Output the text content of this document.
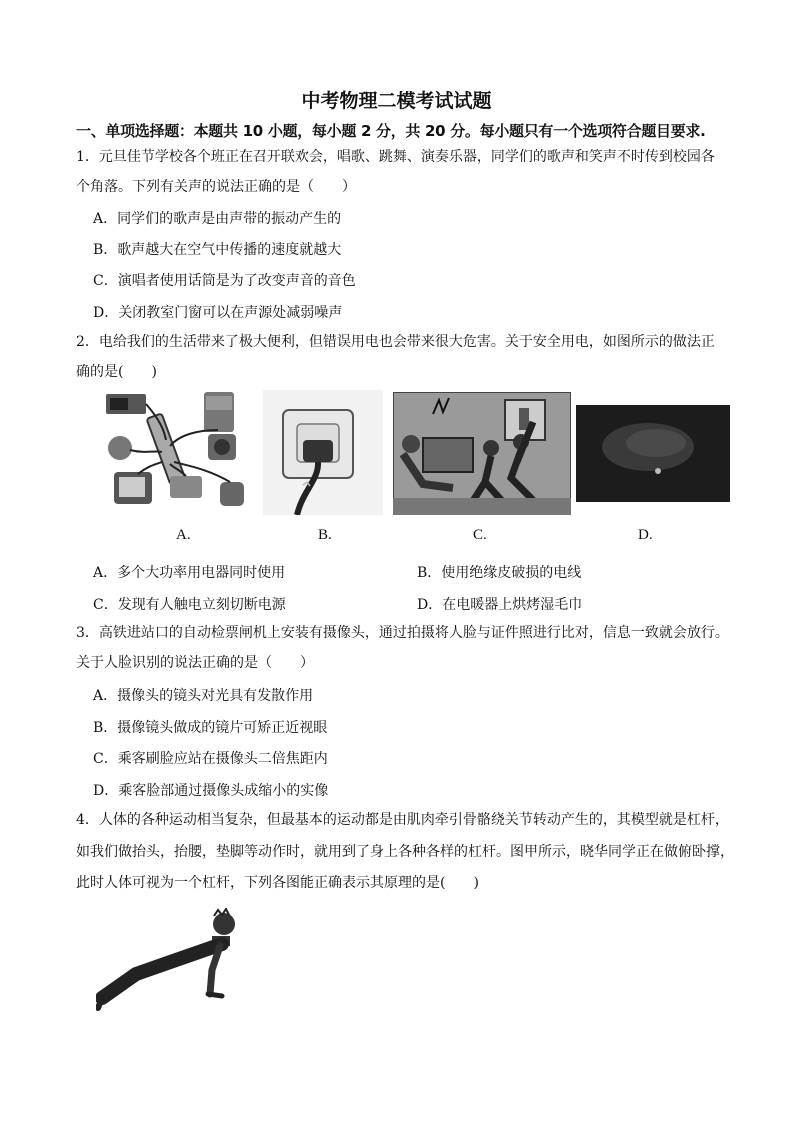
中考物理二模考试试题
一、单项选择题：本题共 10 小题，每小题 2 分，共 20 分。每小题只有一个选项符合题目要求.
1．元旦佳节学校各个班正在召开联欢会，唱歌、跳舞、演奏乐器，同学们的歌声和笑声不时传到校园各
个角落。下列有关声的说法正确的是（　　）
A．同学们的歌声是由声带的振动产生的
B．歌声越大在空气中传播的速度就越大
C．演唱者使用话筒是为了改变声音的音色
D．关闭教室门窗可以在声源处减弱噪声
2．电给我们的生活带来了极大便利，但错误用电也会带来很大危害。关于安全用电，如图所示的做法正
确的是(　　)
A.	B.	C.	D.
A．多个大功率用电器同时使用	B．使用绝缘皮破损的电线
C．发现有人触电立刻切断电源	D．在电暖器上烘烤湿毛巾
3．高铁进站口的自动检票闸机上安装有摄像头，通过拍摄将人脸与证件照进行比对，信息一致就会放行。
关于人脸识别的说法正确的是（　　）
A．摄像头的镜头对光具有发散作用
B．摄像镜头做成的镜片可矫正近视眼
C．乘客刷脸应站在摄像头二倍焦距内
D．乘客脸部通过摄像头成缩小的实像
4．人体的各种运动相当复杂，但最基本的运动都是由肌肉牵引骨骼绕关节转动产生的，其模型就是杠杆，
如我们做抬头，抬腰，垫脚等动作时，就用到了身上各种各样的杠杆。图甲所示，晓华同学正在做俯卧撑，
此时人体可视为一个杠杆，下列各图能正确表示其原理的是(　　)
